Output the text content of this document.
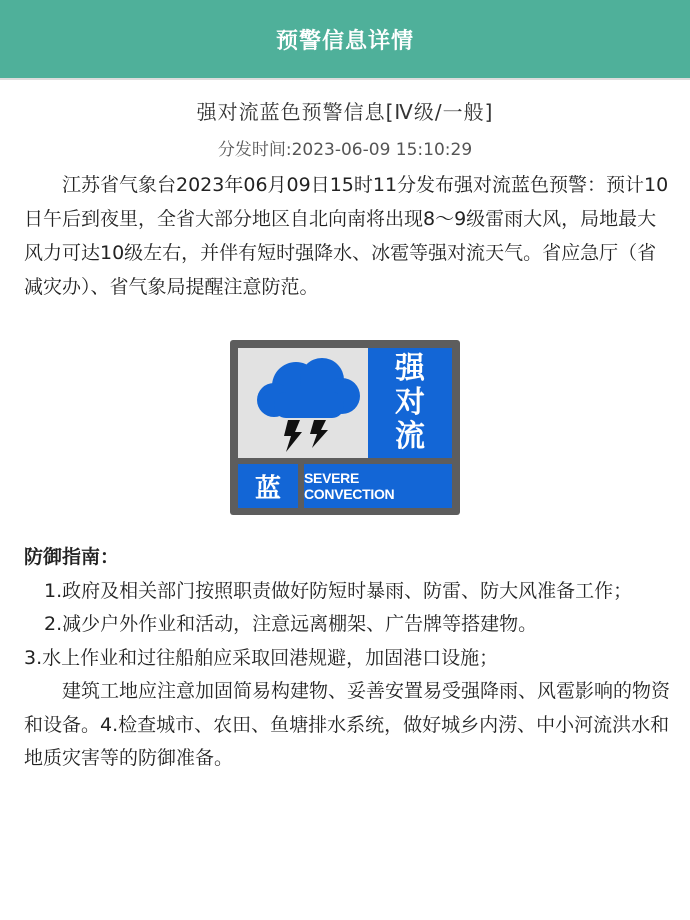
预警信息详情
强对流蓝色预警信息[Ⅳ级/一般]
分发时间:2023-06-09 15:10:29

江苏省气象台2023年06月09日15时11分发布强对流蓝色预警：预计10日午后到夜里，全省大部分地区自北向南将出现8～9级雷雨大风，局地最大风力可达10级左右，并伴有短时强降水、冰雹等强对流天气。省应急厅（省减灾办）、省气象局提醒注意防范。

强
对
流
蓝 SEVERE CONVECTION

防御指南：

1.政府及相关部门按照职责做好防短时暴雨、防雷、防大风准备工作；

2.减少户外作业和活动，注意远离棚架、广告牌等搭建物。

3.水上作业和过往船舶应采取回港规避，加固港口设施；

建筑工地应注意加固简易构建物、妥善安置易受强降雨、风雹影响的物资和设备。4.检查城市、农田、鱼塘排水系统，做好城乡内涝、中小河流洪水和地质灾害等的防御准备。
